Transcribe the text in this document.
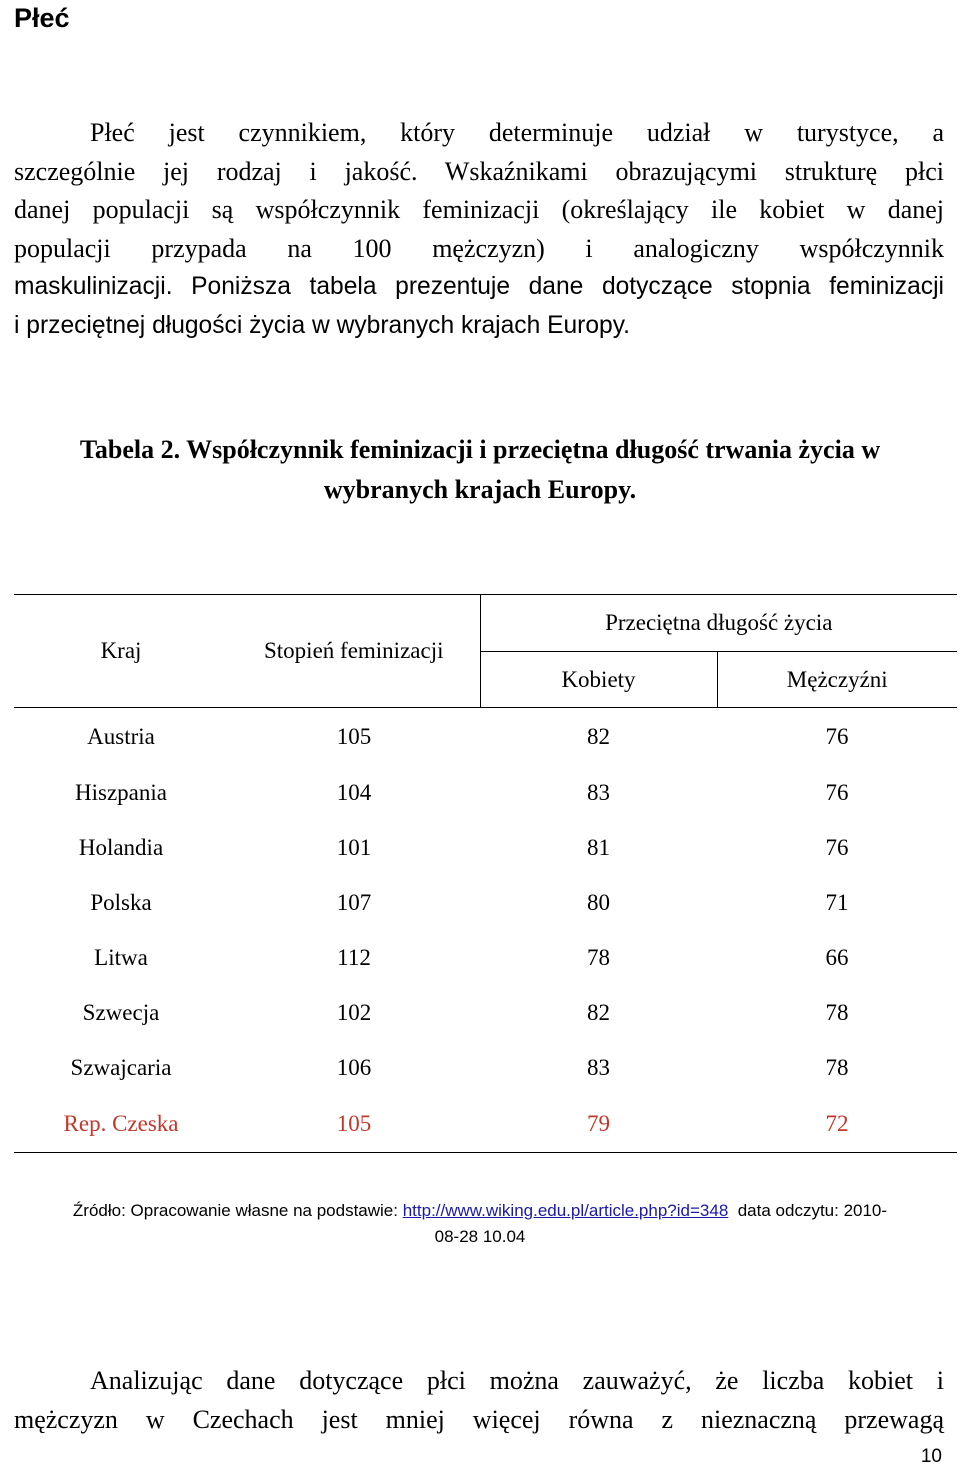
Płeć
Płeć jest czynnikiem, który determinuje udział w turystyce, a
szczególnie jej rodzaj i jakość. Wskaźnikami obrazującymi strukturę płci
danej populacji są współczynnik feminizacji (określający ile kobiet w danej
populacji przypada na 100 mężczyzn) i analogiczny współczynnik
maskulinizacji. Poniższa tabela prezentuje dane dotyczące stopnia feminizacji
i przeciętnej długości życia w wybranych krajach Europy.
Tabela 2. Współczynnik feminizacji i przeciętna długość trwania życia w
wybranych krajach Europy.
Kraj	Stopień feminizacji	Przeciętna długość życia	
		Kobiety	Mężczyźni
Austria	105	82	76
Hiszpania	104	83	76
Holandia	101	81	76
Polska	107	80	71
Litwa	112	78	66
Szwecja	102	82	78
Szwajcaria	106	83	78
Rep. Czeska	105	79	72
Źródło: Opracowanie własne na podstawie: http://www.wiking.edu.pl/article.php?id=348  data odczytu: 2010-
08-28 10.04
Analizując dane dotyczące płci można zauważyć, że liczba kobiet i
mężczyzn w Czechach jest mniej więcej równa z nieznaczną przewagą
10
